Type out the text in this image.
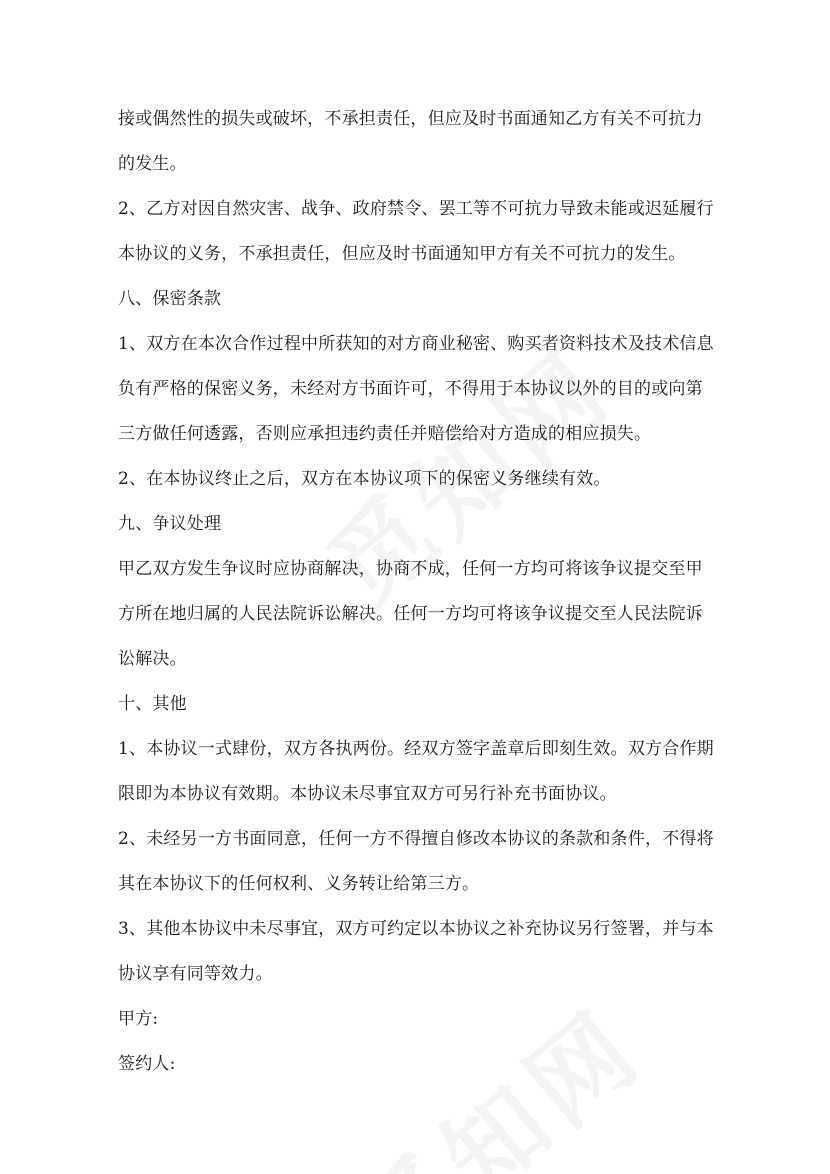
接或偶然性的损失或破坏，不承担责任，但应及时书面通知乙方有关不可抗力的发生。

2、乙方对因自然灾害、战争、政府禁令、罢工等不可抗力导致未能或迟延履行本协议的义务，不承担责任，但应及时书面通知甲方有关不可抗力的发生。

八、保密条款

1、双方在本次合作过程中所获知的对方商业秘密、购买者资料技术及技术信息负有严格的保密义务，未经对方书面许可，不得用于本协议以外的目的或向第三方做任何透露，否则应承担违约责任并赔偿给对方造成的相应损失。

2、在本协议终止之后，双方在本协议项下的保密义务继续有效。

九、争议处理

甲乙双方发生争议时应协商解决，协商不成，任何一方均可将该争议提交至甲方所在地归属的人民法院诉讼解决。任何一方均可将该争议提交至人民法院诉讼解决。

十、其他

1、本协议一式肆份，双方各执两份。经双方签字盖章后即刻生效。双方合作期限即为本协议有效期。本协议未尽事宜双方可另行补充书面协议。

2、未经另一方书面同意，任何一方不得擅自修改本协议的条款和条件，不得将其在本协议下的任何权利、义务转让给第三方。

3、其他本协议中未尽事宜，双方可约定以本协议之补充协议另行签署，并与本协议享有同等效力。

甲方:

签约人:
